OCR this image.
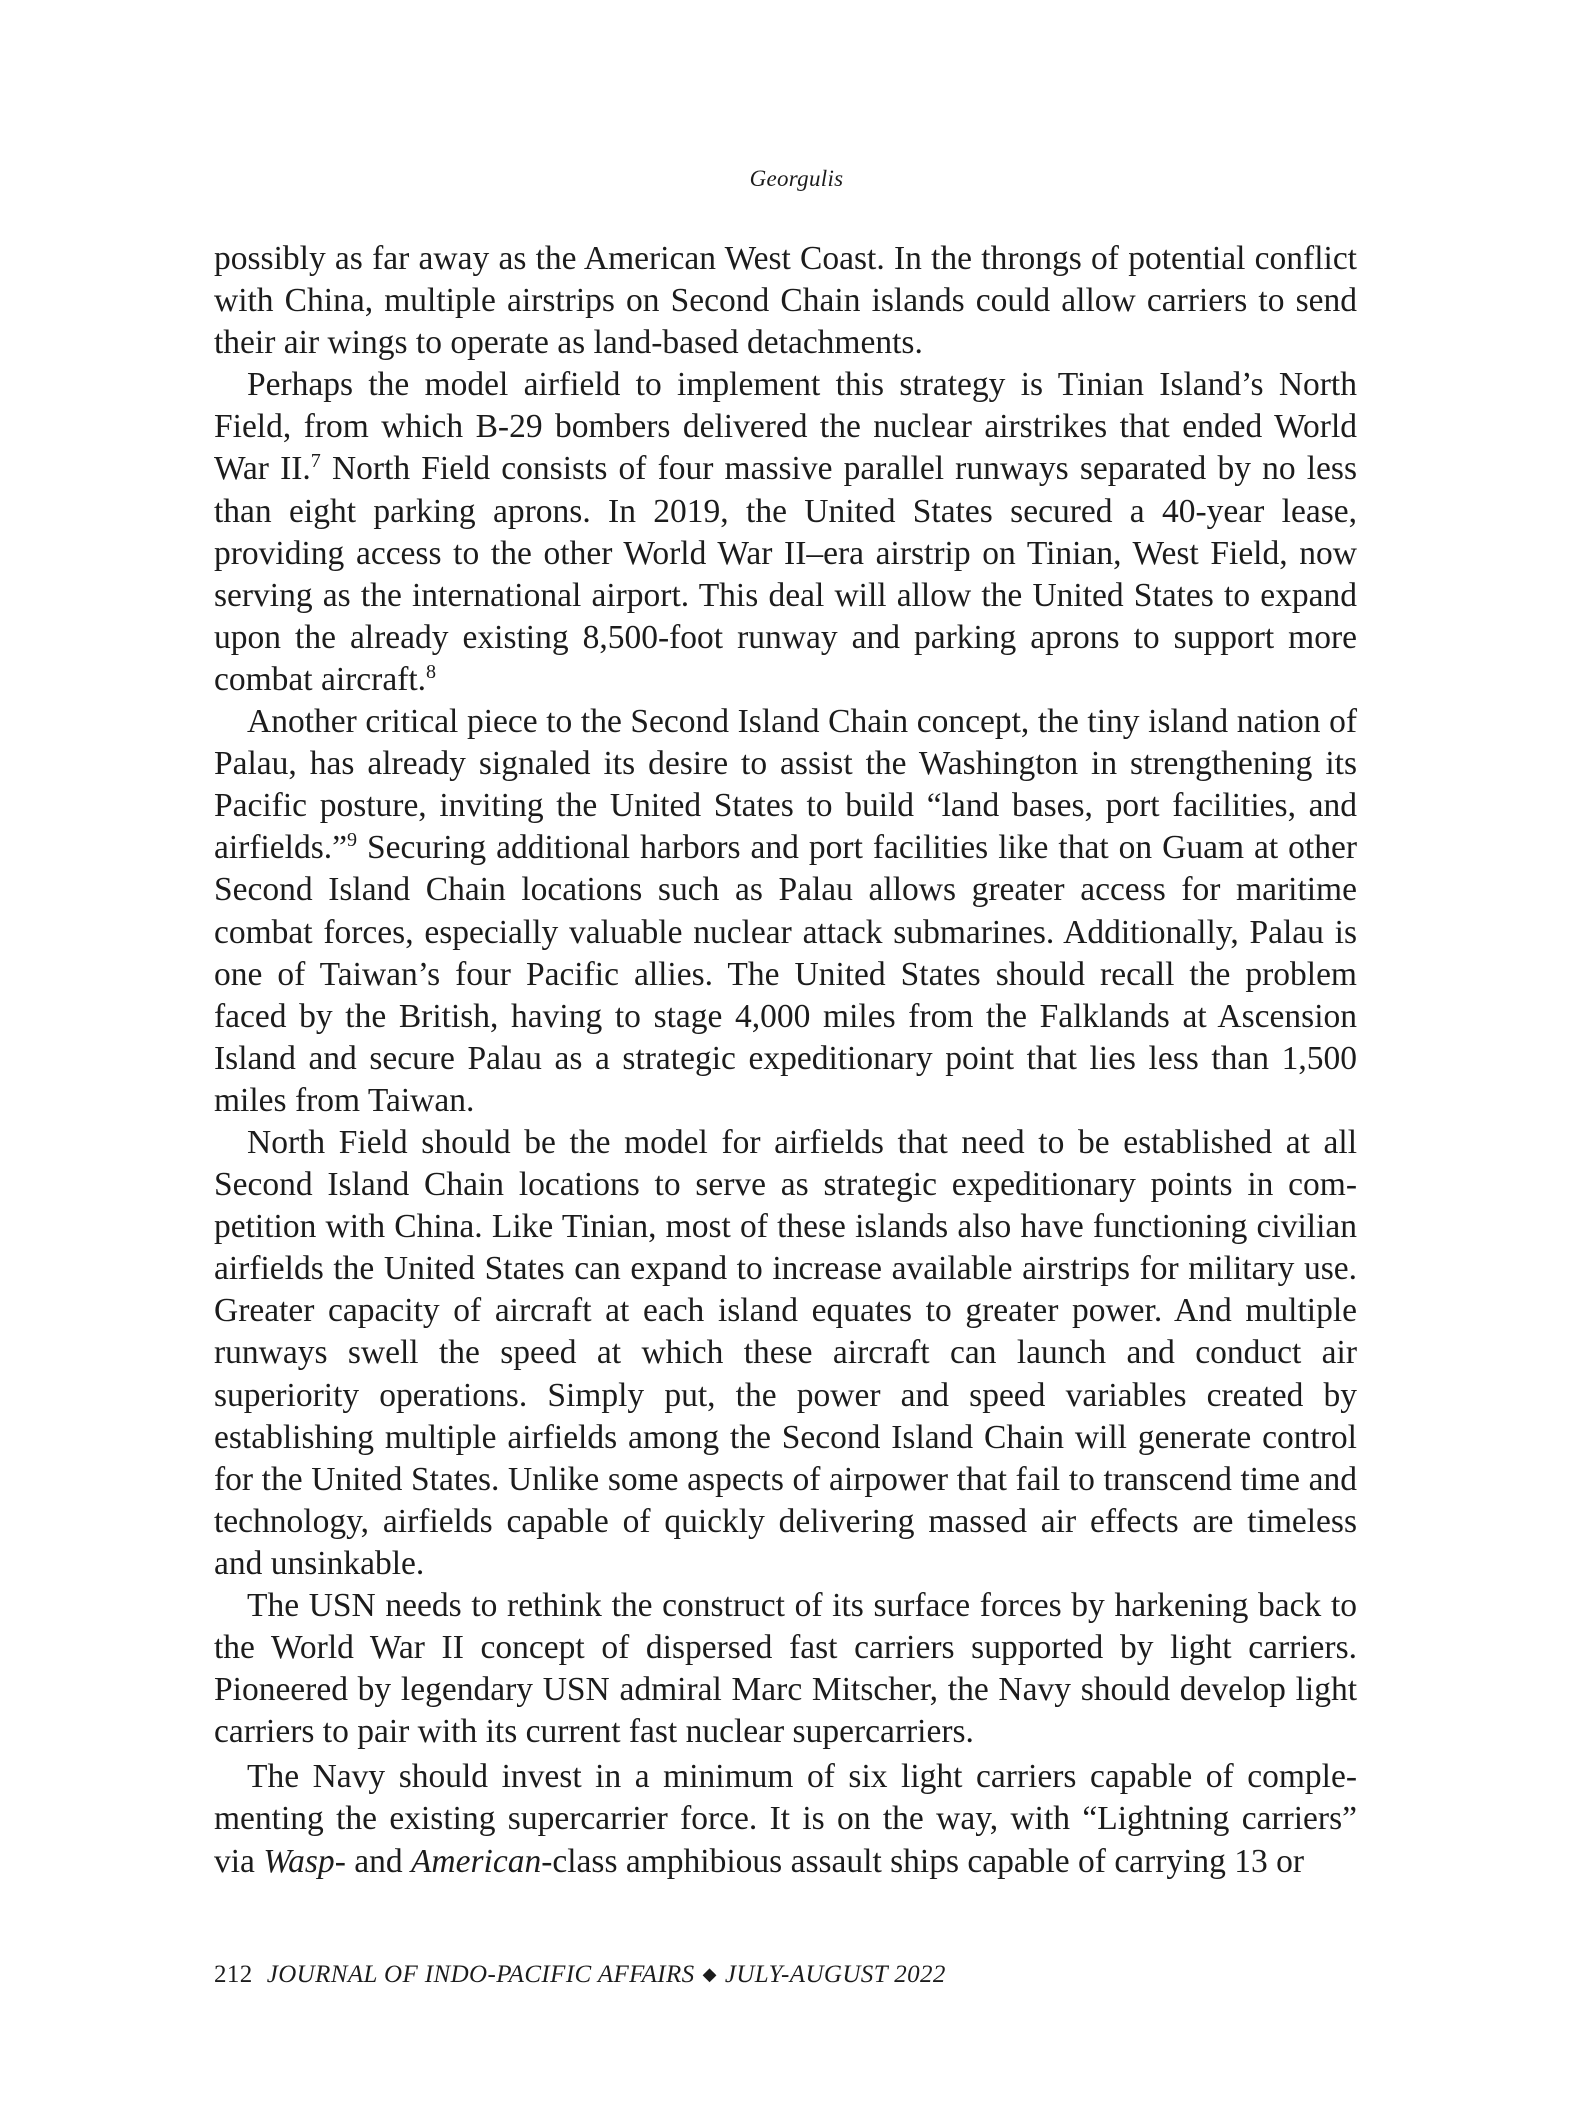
Georgulis

possibly as far away as the American West Coast. In the throngs of potential conflict with China, multiple airstrips on Second Chain islands could allow carriers to send their air wings to operate as land-based detachments.

Perhaps the model airfield to implement this strategy is Tinian Island’s North Field, from which B-29 bombers delivered the nuclear airstrikes that ended World War II.$^7$ North Field consists of four massive parallel runways separated by no less than eight parking aprons. In 2019, the United States secured a 40-year lease, providing access to the other World War II–era airstrip on Tinian, West Field, now serving as the international airport. This deal will allow the United States to expand upon the already existing 8,500-foot runway and parking aprons to support more combat aircraft.$^8$

Another critical piece to the Second Island Chain concept, the tiny island nation of Palau, has already signaled its desire to assist the Washington in strengthening its Pacific posture, inviting the United States to build “land bases, port facilities, and airfields.”$^9$ Securing additional harbors and port facilities like that on Guam at other Second Island Chain locations such as Palau allows greater access for maritime combat forces, especially valuable nuclear attack submarines. Additionally, Palau is one of Taiwan’s four Pacific allies. The United States should recall the problem faced by the British, having to stage 4,000 miles from the Falklands at Ascension Island and secure Palau as a strategic expeditionary point that lies less than 1,500 miles from Taiwan.

North Field should be the model for airfields that need to be established at all Second Island Chain locations to serve as strategic expeditionary points in competition with China. Like Tinian, most of these islands also have functioning civilian airfields the United States can expand to increase available airstrips for military use. Greater capacity of aircraft at each island equates to greater power. And multiple runways swell the speed at which these aircraft can launch and conduct air superiority operations. Simply put, the power and speed variables created by establishing multiple airfields among the Second Island Chain will generate control for the United States. Unlike some aspects of airpower that fail to transcend time and technology, airfields capable of quickly delivering massed air effects are timeless and unsinkable.

The USN needs to rethink the construct of its surface forces by harkening back to the World War II concept of dispersed fast carriers supported by light carriers. Pioneered by legendary USN admiral Marc Mitscher, the Navy should develop light carriers to pair with its current fast nuclear supercarriers.

The Navy should invest in a minimum of six light carriers capable of complementing the existing supercarrier force. It is on the way, with “Lightning carriers” via Wasp- and American-class amphibious assault ships capable of carrying 13 or

212 JOURNAL OF INDO-PACIFIC AFFAIRS ◆ JULY-AUGUST 2022
